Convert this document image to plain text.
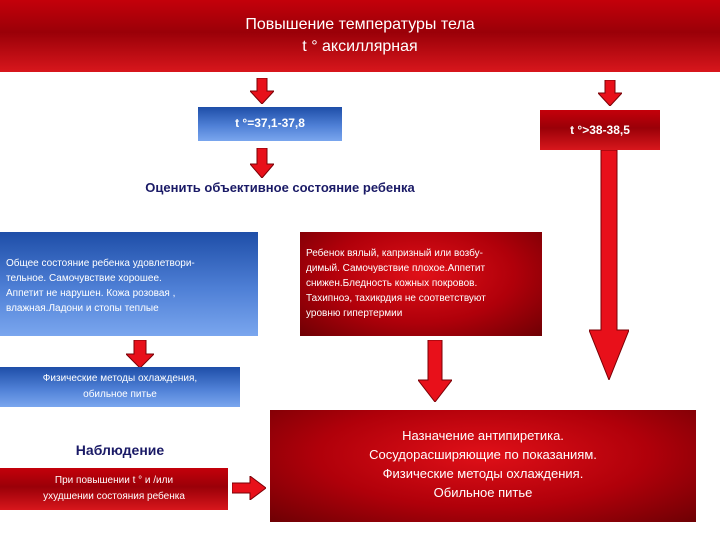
Повышение температуры тела
t ° аксиллярная
t °=37,1-37,8	t °>38-38,5
Оценить объективное состояние ребенка
Общее состояние ребенка удовлетвори-
тельное. Самочувствие хорошее.
Аппетит не нарушен. Кожа розовая ,
влажная.Ладони и стопы теплые
Ребенок вялый, капризный или возбу-
димый. Самочувствие плохое.Аппетит
снижен.Бледность кожных покровов.
Тахипноэ, тахикрдия не соответствуют
уровню гипертермии
Физические методы охлаждения,
обильное питье
Наблюдение
При повышении t ° и /или
ухудшении состояния ребенка
Назначение антипиретика.
Сосудорасширяющие по показаниям.
Физические методы охлаждения.
Обильное питье
